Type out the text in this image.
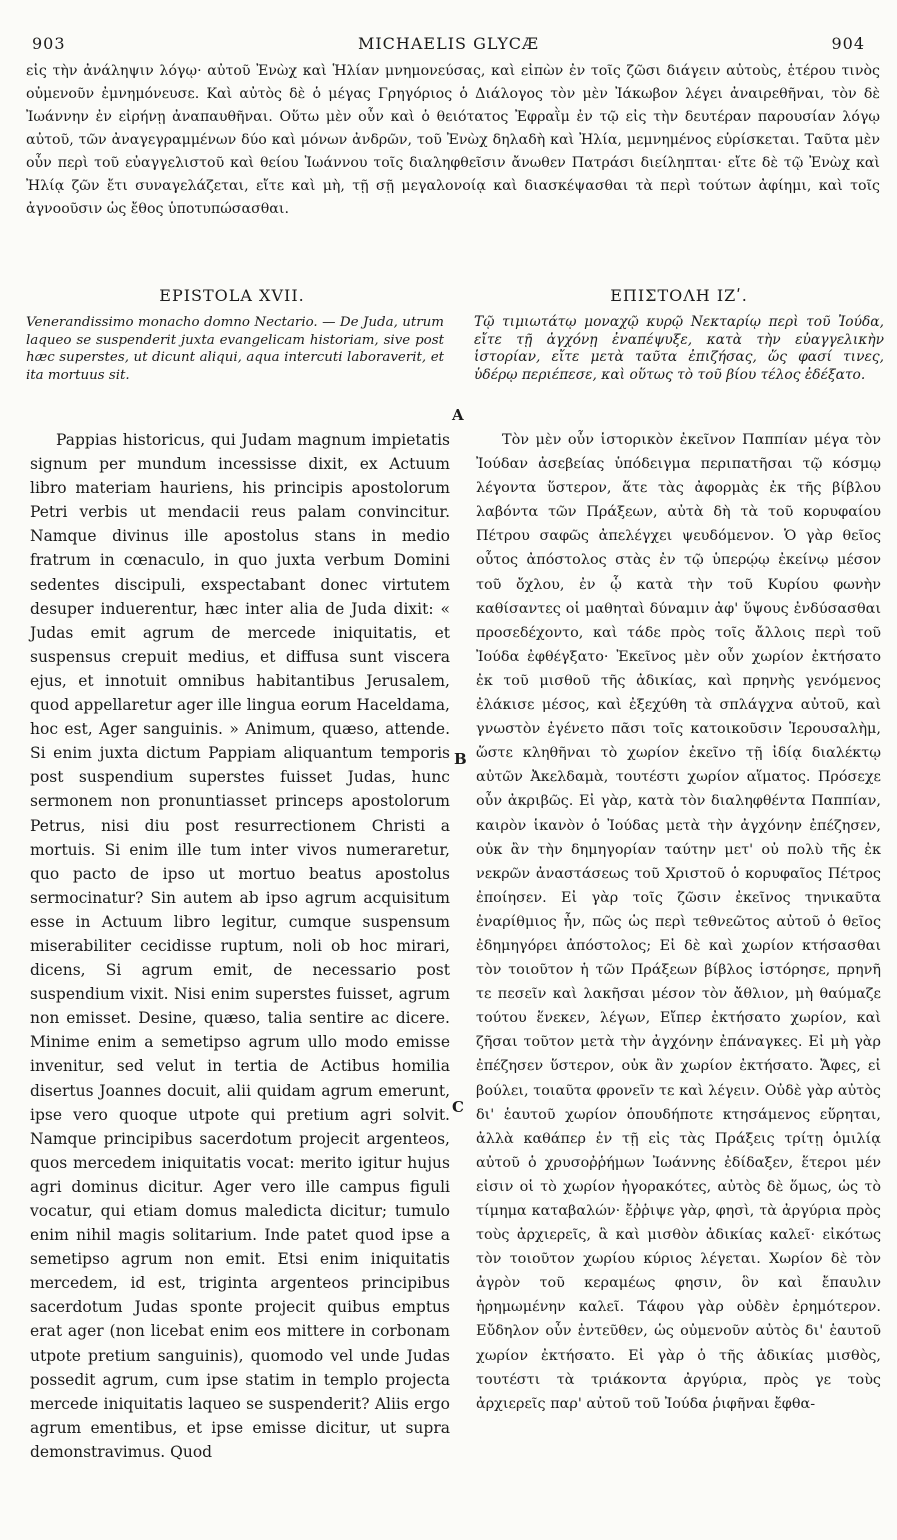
903	MICHAELIS GLYCÆ	904

εἰς τὴν ἀνάληψιν λόγῳ· αὐτοῦ Ἐνὼχ καὶ Ἡλίαν μνημονεύσας, καὶ εἰπὼν ἐν τοῖς ζῶσι διάγειν αὐτοὺς, ἑτέρου τινὸς οὐμενοῦν ἐμνημόνευσε. Καὶ αὐτὸς δὲ ὁ μέγας Γρηγόριος ὁ Διάλογος τὸν μὲν Ἰάκωβον λέγει ἀναιρεθῆναι, τὸν δὲ Ἰωάννην ἐν εἰρήνῃ ἀναπαυθῆναι. Οὕτω μὲν οὖν καὶ ὁ θειότατος Ἐφραῒμ ἐν τῷ εἰς τὴν δευτέραν παρουσίαν λόγῳ αὐτοῦ, τῶν ἀναγεγραμμένων δύο καὶ μόνων ἀνδρῶν, τοῦ Ἐνὼχ δηλαδὴ καὶ Ἠλία, μεμνημένος εὑρίσκεται. Ταῦτα μὲν οὖν περὶ τοῦ εὐαγγελιστοῦ καὶ θείου Ἰωάννου τοῖς διαληφθεῖσιν ἄνωθεν Πατράσι διείληπται· εἴτε δὲ τῷ Ἐνὼχ καὶ Ἠλίᾳ ζῶν ἔτι συναγελάζεται, εἴτε καὶ μὴ, τῇ σῇ μεγαλονοίᾳ καὶ διασκέψασθαι τὰ περὶ τούτων ἀφίημι, καὶ τοῖς ἀγνοοῦσιν ὡς ἔθος ὑποτυπώσασθαι.

EPISTOLA XVII.	ΕΠΙΣΤΟΛΗ ΙΖʹ.

Venerandissimo monacho domno Nectario. — De Juda, utrum laqueo se suspenderit juxta evangelicam historiam, sive post hæc superstes, ut dicunt aliqui, aqua intercuti laboraverit, et ita mortuus sit.

Τῷ τιμιωτάτῳ μοναχῷ κυρῷ Νεκταρίῳ περὶ τοῦ Ἰούδα, εἴτε τῇ ἀγχόνῃ ἐναπέψυξε, κατὰ τὴν εὐαγγελικὴν ἱστορίαν, εἴτε μετὰ ταῦτα ἐπιζήσας, ὥς φασί τινες, ὑδέρῳ περιέπεσε, καὶ οὕτως τὸ τοῦ βίου τέλος ἐδέξατο.

A
B
C

Pappias historicus, qui Judam magnum impietatis signum per mundum incessisse dixit, ex Actuum libro materiam hauriens, his principis apostolorum Petri verbis ut mendacii reus palam convincitur. Namque divinus ille apostolus stans in medio fratrum in cœnaculo, in quo juxta verbum Domini sedentes discipuli, exspectabant donec virtutem desuper induerentur, hæc inter alia de Juda dixit: « Judas emit agrum de mercede iniquitatis, et suspensus crepuit medius, et diffusa sunt viscera ejus, et innotuit omnibus habitantibus Jerusalem, quod appellaretur ager ille lingua eorum Haceldama, hoc est, Ager sanguinis. » Animum, quæso, attende. Si enim juxta dictum Pappiam aliquantum temporis post suspendium superstes fuisset Judas, hunc sermonem non pronuntiasset princeps apostolorum Petrus, nisi diu post resurrectionem Christi a mortuis. Si enim ille tum inter vivos numeraretur, quo pacto de ipso ut mortuo beatus apostolus sermocinatur? Sin autem ab ipso agrum acquisitum esse in Actuum libro legitur, cumque suspensum miserabiliter cecidisse ruptum, noli ob hoc mirari, dicens, Si agrum emit, de necessario post suspendium vixit. Nisi enim superstes fuisset, agrum non emisset. Desine, quæso, talia sentire ac dicere. Minime enim a semetipso agrum ullo modo emisse invenitur, sed velut in tertia de Actibus homilia disertus Joannes docuit, alii quidam agrum emerunt, ipse vero quoque utpote qui pretium agri solvit. Namque principibus sacerdotum projecit argenteos, quos mercedem iniquitatis vocat: merito igitur hujus agri dominus dicitur. Ager vero ille campus figuli vocatur, qui etiam domus maledicta dicitur; tumulo enim nihil magis solitarium. Inde patet quod ipse a semetipso agrum non emit. Etsi enim iniquitatis mercedem, id est, triginta argenteos principibus sacerdotum Judas sponte projecit quibus emptus erat ager (non licebat enim eos mittere in corbonam utpote pretium sanguinis), quomodo vel unde Judas possedit agrum, cum ipse statim in templo projecta mercede iniquitatis laqueo se suspenderit? Aliis ergo agrum ementibus, et ipse emisse dicitur, ut supra demonstravimus. Quod

Τὸν μὲν οὖν ἱστορικὸν ἐκεῖνον Παππίαν μέγα τὸν Ἰούδαν ἀσεβείας ὑπόδειγμα περιπατῆσαι τῷ κόσμῳ λέγοντα ὕστερον, ἅτε τὰς ἀφορμὰς ἐκ τῆς βίβλου λαβόντα τῶν Πράξεων, αὐτὰ δὴ τὰ τοῦ κορυφαίου Πέτρου σαφῶς ἀπελέγχει ψευδόμενον. Ὁ γὰρ θεῖος οὗτος ἀπόστολος στὰς ἐν τῷ ὑπερῴῳ ἐκείνῳ μέσον τοῦ ὄχλου, ἐν ᾧ κατὰ τὴν τοῦ Κυρίου φωνὴν καθίσαντες οἱ μαθηταὶ δύναμιν ἀφ' ὕψους ἐνδύσασθαι προσεδέχοντο, καὶ τάδε πρὸς τοῖς ἄλλοις περὶ τοῦ Ἰούδα ἐφθέγξατο· Ἐκεῖνος μὲν οὖν χωρίον ἐκτήσατο ἐκ τοῦ μισθοῦ τῆς ἀδικίας, καὶ πρηνὴς γενόμενος ἐλάκισε μέσος, καὶ ἐξεχύθη τὰ σπλάγχνα αὐτοῦ, καὶ γνωστὸν ἐγένετο πᾶσι τοῖς κατοικοῦσιν Ἱερουσαλὴμ, ὥστε κληθῆναι τὸ χωρίον ἐκεῖνο τῇ ἰδίᾳ διαλέκτῳ αὐτῶν Ἀκελδαμὰ, τουτέστι χωρίον αἵματος. Πρόσεχε οὖν ἀκριβῶς. Εἰ γὰρ, κατὰ τὸν διαληφθέντα Παππίαν, καιρὸν ἱκανὸν ὁ Ἰούδας μετὰ τὴν ἀγχόνην ἐπέζησεν, οὐκ ἂν τὴν δημηγορίαν ταύτην μετ' οὐ πολὺ τῆς ἐκ νεκρῶν ἀναστάσεως τοῦ Χριστοῦ ὁ κορυφαῖος Πέτρος ἐποίησεν. Εἰ γὰρ τοῖς ζῶσιν ἐκεῖνος τηνικαῦτα ἐναρίθμιος ἦν, πῶς ὡς περὶ τεθνεῶτος αὐτοῦ ὁ θεῖος ἐδημηγόρει ἀπόστολος; Εἰ δὲ καὶ χωρίον κτήσασθαι τὸν τοιοῦτον ἡ τῶν Πράξεων βίβλος ἱστόρησε, πρηνῆ τε πεσεῖν καὶ λακῆσαι μέσον τὸν ἄθλιον, μὴ θαύμαζε τούτου ἕνεκεν, λέγων, Εἴπερ ἐκτήσατο χωρίον, καὶ ζῆσαι τοῦτον μετὰ τὴν ἀγχόνην ἐπάναγκες. Εἰ μὴ γὰρ ἐπέζησεν ὕστερον, οὐκ ἂν χωρίον ἐκτήσατο. Ἄφες, εἰ βούλει, τοιαῦτα φρονεῖν τε καὶ λέγειν. Οὐδὲ γὰρ αὐτὸς δι' ἑαυτοῦ χωρίον ὁπουδήποτε κτησάμενος εὕρηται, ἀλλὰ καθάπερ ἐν τῇ εἰς τὰς Πράξεις τρίτῃ ὁμιλίᾳ αὐτοῦ ὁ χρυσοῤῥήμων Ἰωάννης ἐδίδαξεν, ἕτεροι μέν εἰσιν οἱ τὸ χωρίον ἠγορακότες, αὐτὸς δὲ ὅμως, ὡς τὸ τίμημα καταβαλών· ἔῤῥιψε γὰρ, φησὶ, τὰ ἀργύρια πρὸς τοὺς ἀρχιερεῖς, ἃ καὶ μισθὸν ἀδικίας καλεῖ· εἰκότως τὸν τοιοῦτον χωρίου κύριος λέγεται. Χωρίον δὲ τὸν ἀγρὸν τοῦ κεραμέως φησιν, ὃν καὶ ἔπαυλιν ἠρημωμένην καλεῖ. Τάφου γὰρ οὐδὲν ἐρημότερον. Εὔδηλον οὖν ἐντεῦθεν, ὡς οὐμενοῦν αὐτὸς δι' ἑαυτοῦ χωρίον ἐκτήσατο. Εἰ γὰρ ὁ τῆς ἀδικίας μισθὸς, τουτέστι τὰ τριάκοντα ἀργύρια, πρὸς γε τοὺς ἀρχιερεῖς παρ' αὐτοῦ τοῦ Ἰούδα ῥιφῆναι ἔφθα-
